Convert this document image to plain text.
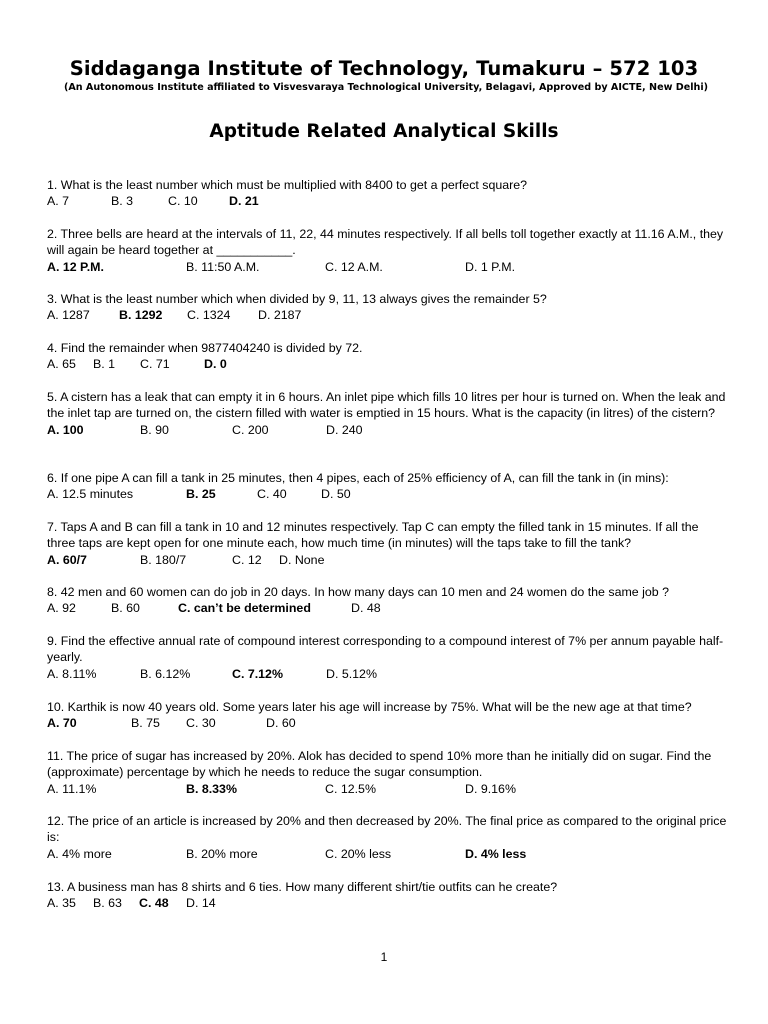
Siddaganga Institute of Technology, Tumakuru – 572 103
(An Autonomous Institute affiliated to Visvesvaraya Technological University, Belagavi, Approved by AICTE, New Delhi)
Aptitude Related Analytical Skills

1. What is the least number which must be multiplied with 8400 to get a perfect square?

A. 7	B. 3	C. 10	D. 21

2. Three bells are heard at the intervals of 11, 22, 44 minutes respectively. If all bells toll together exactly at 11.16 A.M., they will again be heard together at ___________.

A. 12 P.M.	B. 11:50 A.M.	C. 12 A.M.	D. 1 P.M.

3. What is the least number which when divided by 9, 11, 13 always gives the remainder 5?

A. 1287 B. 1292 C. 1324 D. 2187

4. Find the remainder when 9877404240 is divided by 72.

A. 65 B. 1 C. 71	D. 0

5. A cistern has a leak that can empty it in 6 hours. An inlet pipe which fills 10 litres per hour is turned on. When the leak and the inlet tap are turned on, the cistern filled with water is emptied in 15 hours. What is the capacity (in litres) of the cistern?

A. 100	B. 90	C. 200	D. 240

6. If one pipe A can fill a tank in 25 minutes, then 4 pipes, each of 25% efficiency of A, can fill the tank in (in mins):

A. 12.5 minutes	B. 25	C. 40	D. 50

7. Taps A and B can fill a tank in 10 and 12 minutes respectively. Tap C can empty the filled tank in 15 minutes. If all the three taps are kept open for one minute each, how much time (in minutes) will the taps take to fill the tank?

A. 60/7	B. 180/7	C. 12 D. None

8. 42 men and 60 women can do job in 20 days. In how many days can 10 men and 24 women do the same job ?

A. 92	B. 60	C. can’t be determined	D. 48

9. Find the effective annual rate of compound interest corresponding to a compound interest of 7% per annum payable half-yearly.

A. 8.11%	B. 6.12%	C. 7.12%	D. 5.12%

10. Karthik is now 40 years old. Some years later his age will increase by 75%. What will be the new age at that time?

A. 70	B. 75 C. 30	D. 60

11. The price of sugar has increased by 20%. Alok has decided to spend 10% more than he initially did on sugar. Find the (approximate) percentage by which he needs to reduce the sugar consumption.

A. 11.1%	B. 8.33%	C. 12.5%	D. 9.16%

12. The price of an article is increased by 20% and then decreased by 20%. The final price as compared to the original price is:

A. 4% more	B. 20% more	C. 20% less	D. 4% less

13. A business man has 8 shirts and 6 ties. How many different shirt/tie outfits can he create?

A. 35 B. 63 C. 48 D. 14
1
